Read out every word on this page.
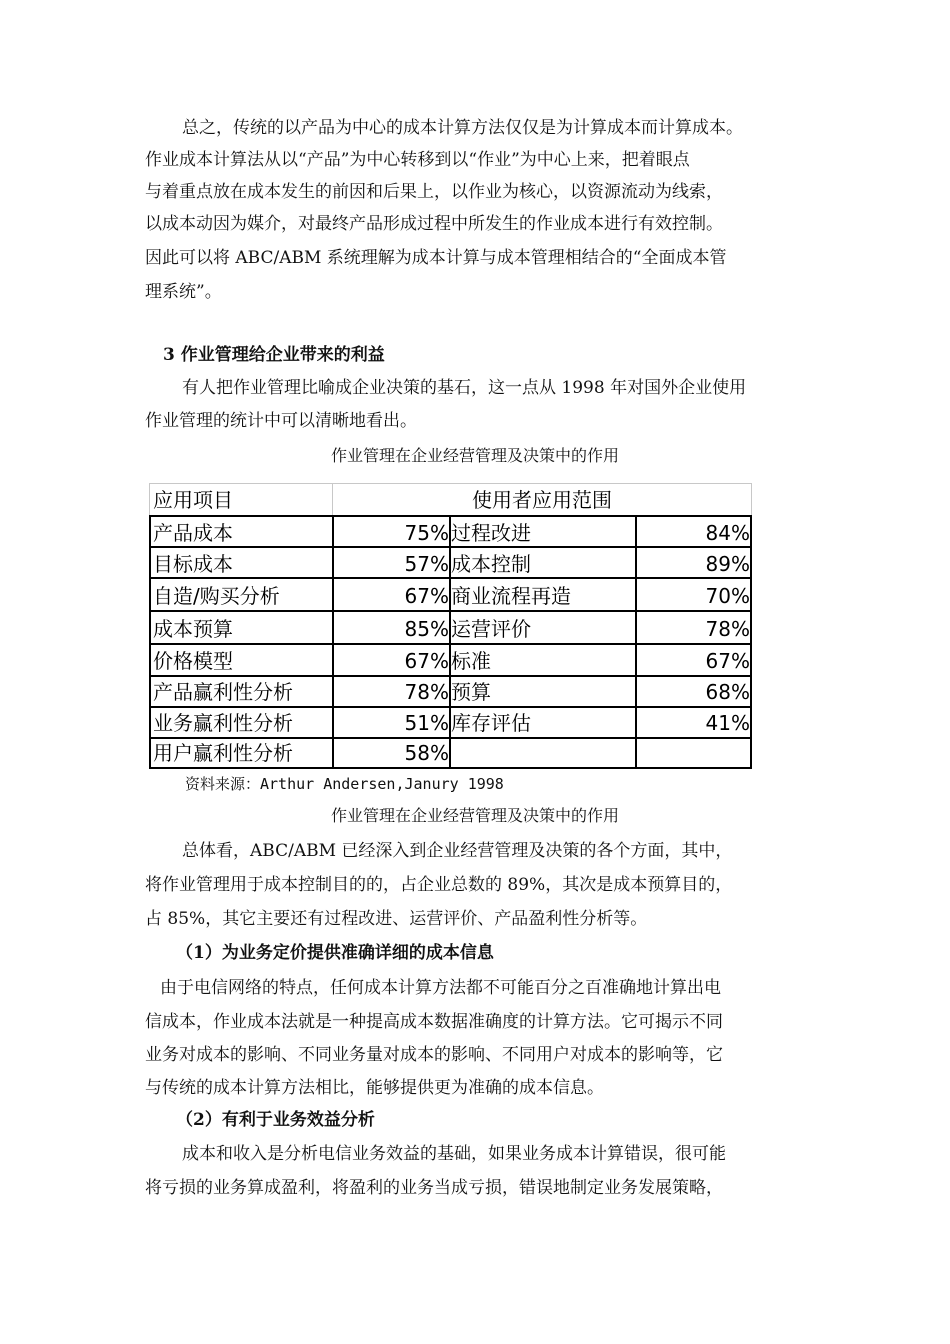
总之，传统的以产品为中心的成本计算方法仅仅是为计算成本而计算成本。
作业成本计算法从以“产品”为中心转移到以“作业”为中心上来，把着眼点
与着重点放在成本发生的前因和后果上，以作业为核心，以资源流动为线索，
以成本动因为媒介，对最终产品形成过程中所发生的作业成本进行有效控制。
因此可以将 ABC/ABM 系统理解为成本计算与成本管理相结合的“全面成本管
理系统”。
3 作业管理给企业带来的利益
有人把作业管理比喻成企业决策的基石，这一点从 1998 年对国外企业使用
作业管理的统计中可以清晰地看出。
作业管理在企业经营管理及决策中的作用
应用项目	使用者应用范围
产品成本	75% 过程改进	84%
目标成本	57% 成本控制	89%
自造/购买分析	67% 商业流程再造	70%
成本预算	85% 运营评价	78%
价格模型	67% 标准	67%
产品赢利性分析	78% 预算	68%
业务赢利性分析	51% 库存评估	41%
用户赢利性分析	58%
资料来源：Arthur Andersen,Janury 1998
作业管理在企业经营管理及决策中的作用
总体看，ABC/ABM 已经深入到企业经营管理及决策的各个方面，其中，
将作业管理用于成本控制目的的，占企业总数的 89%，其次是成本预算目的，
占 85%，其它主要还有过程改进、运营评价、产品盈利性分析等。
（1）为业务定价提供准确详细的成本信息
由于电信网络的特点，任何成本计算方法都不可能百分之百准确地计算出电
信成本，作业成本法就是一种提高成本数据准确度的计算方法。它可揭示不同
业务对成本的影响、不同业务量对成本的影响、不同用户对成本的影响等，它
与传统的成本计算方法相比，能够提供更为准确的成本信息。
（2）有利于业务效益分析
成本和收入是分析电信业务效益的基础，如果业务成本计算错误，很可能
将亏损的业务算成盈利，将盈利的业务当成亏损，错误地制定业务发展策略，
